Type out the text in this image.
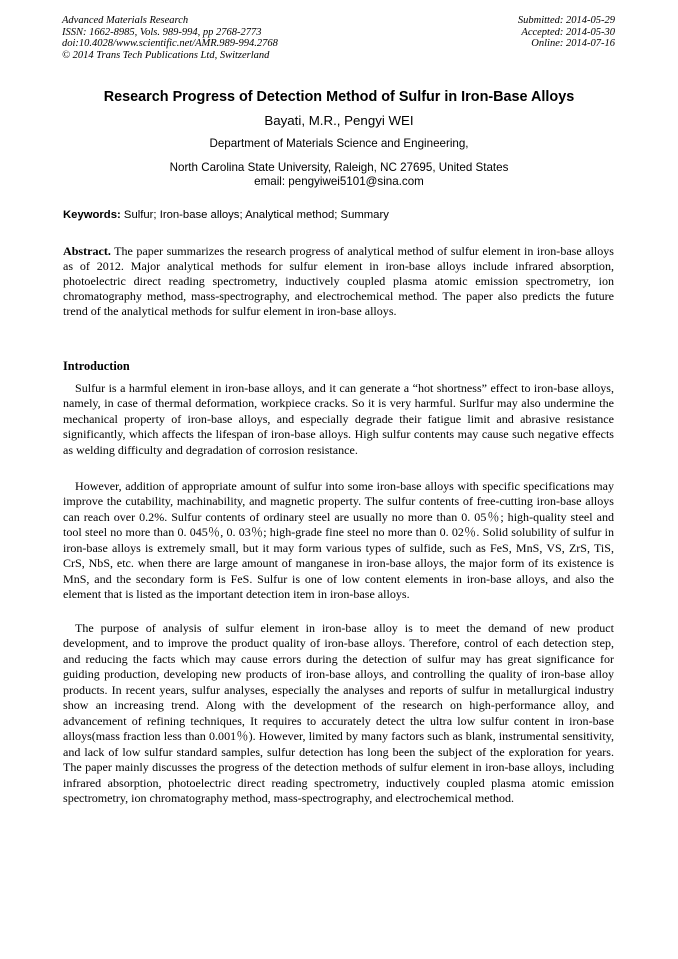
Advanced Materials Research
ISSN: 1662-8985, Vols. 989-994, pp 2768-2773
doi:10.4028/www.scientific.net/AMR.989-994.2768
© 2014 Trans Tech Publications Ltd, Switzerland
Submitted: 2014-05-29
Accepted: 2014-05-30
Online: 2014-07-16
Research Progress of Detection Method of Sulfur in Iron-Base Alloys
Bayati, M.R., Pengyi WEI
Department of Materials Science and Engineering,
North Carolina State University, Raleigh, NC 27695, United States
email: pengyiwei5101@sina.com
Keywords: Sulfur; Iron-base alloys; Analytical method; Summary

Abstract. The paper summarizes the research progress of analytical method of sulfur element in iron-base alloys as of 2012. Major analytical methods for sulfur element in iron-base alloys include infrared absorption, photoelectric direct reading spectrometry, inductively coupled plasma atomic emission spectrometry, ion chromatography method, mass-spectrography, and electrochemical method. The paper also predicts the future trend of the analytical methods for sulfur element in iron-base alloys.

Introduction

Sulfur is a harmful element in iron-base alloys, and it can generate a “hot shortness” effect to iron-base alloys, namely, in case of thermal deformation, workpiece cracks. So it is very harmful. Surlfur may also undermine the mechanical property of iron-base alloys, and especially degrade their fatigue limit and abrasive resistance significantly, which affects the lifespan of iron-base alloys. High sulfur contents may cause such negative effects as welding difficulty and degradation of corrosion resistance.

However, addition of appropriate amount of sulfur into some iron-base alloys with specific specifications may improve the cutability, machinability, and magnetic property. The sulfur contents of free-cutting iron-base alloys can reach over 0.2%. Sulfur contents of ordinary steel are usually no more than 0. 05％; high-quality steel and tool steel no more than 0. 045％, 0. 03％; high-grade fine steel no more than 0. 02％. Solid solubility of sulfur in iron-base alloys is extremely small, but it may form various types of sulfide, such as FeS, MnS, VS, ZrS, TiS, CrS, NbS, etc. when there are large amount of manganese in iron-base alloys, the major form of its existence is MnS, and the secondary form is FeS. Sulfur is one of low content elements in iron-base alloys, and also the element that is listed as the important detection item in iron-base alloys.

The purpose of analysis of sulfur element in iron-base alloy is to meet the demand of new product development, and to improve the product quality of iron-base alloys. Therefore, control of each detection step, and reducing the facts which may cause errors during the detection of sulfur may has great significance for guiding production, developing new products of iron-base alloys, and controlling the quality of iron-base alloy products. In recent years, sulfur analyses, especially the analyses and reports of sulfur in metallurgical industry show an increasing trend. Along with the development of the research on high-performance alloy, and advancement of refining techniques, It requires to accurately detect the ultra low sulfur content in iron-base alloys(mass fraction less than 0.001％). However, limited by many factors such as blank, instrumental sensitivity, and lack of low sulfur standard samples, sulfur detection has long been the subject of the exploration for years. The paper mainly discusses the progress of the detection methods of sulfur element in iron-base alloys, including infrared absorption, photoelectric direct reading spectrometry, inductively coupled plasma atomic emission spectrometry, ion chromatography method, mass-spectrography, and electrochemical method.
